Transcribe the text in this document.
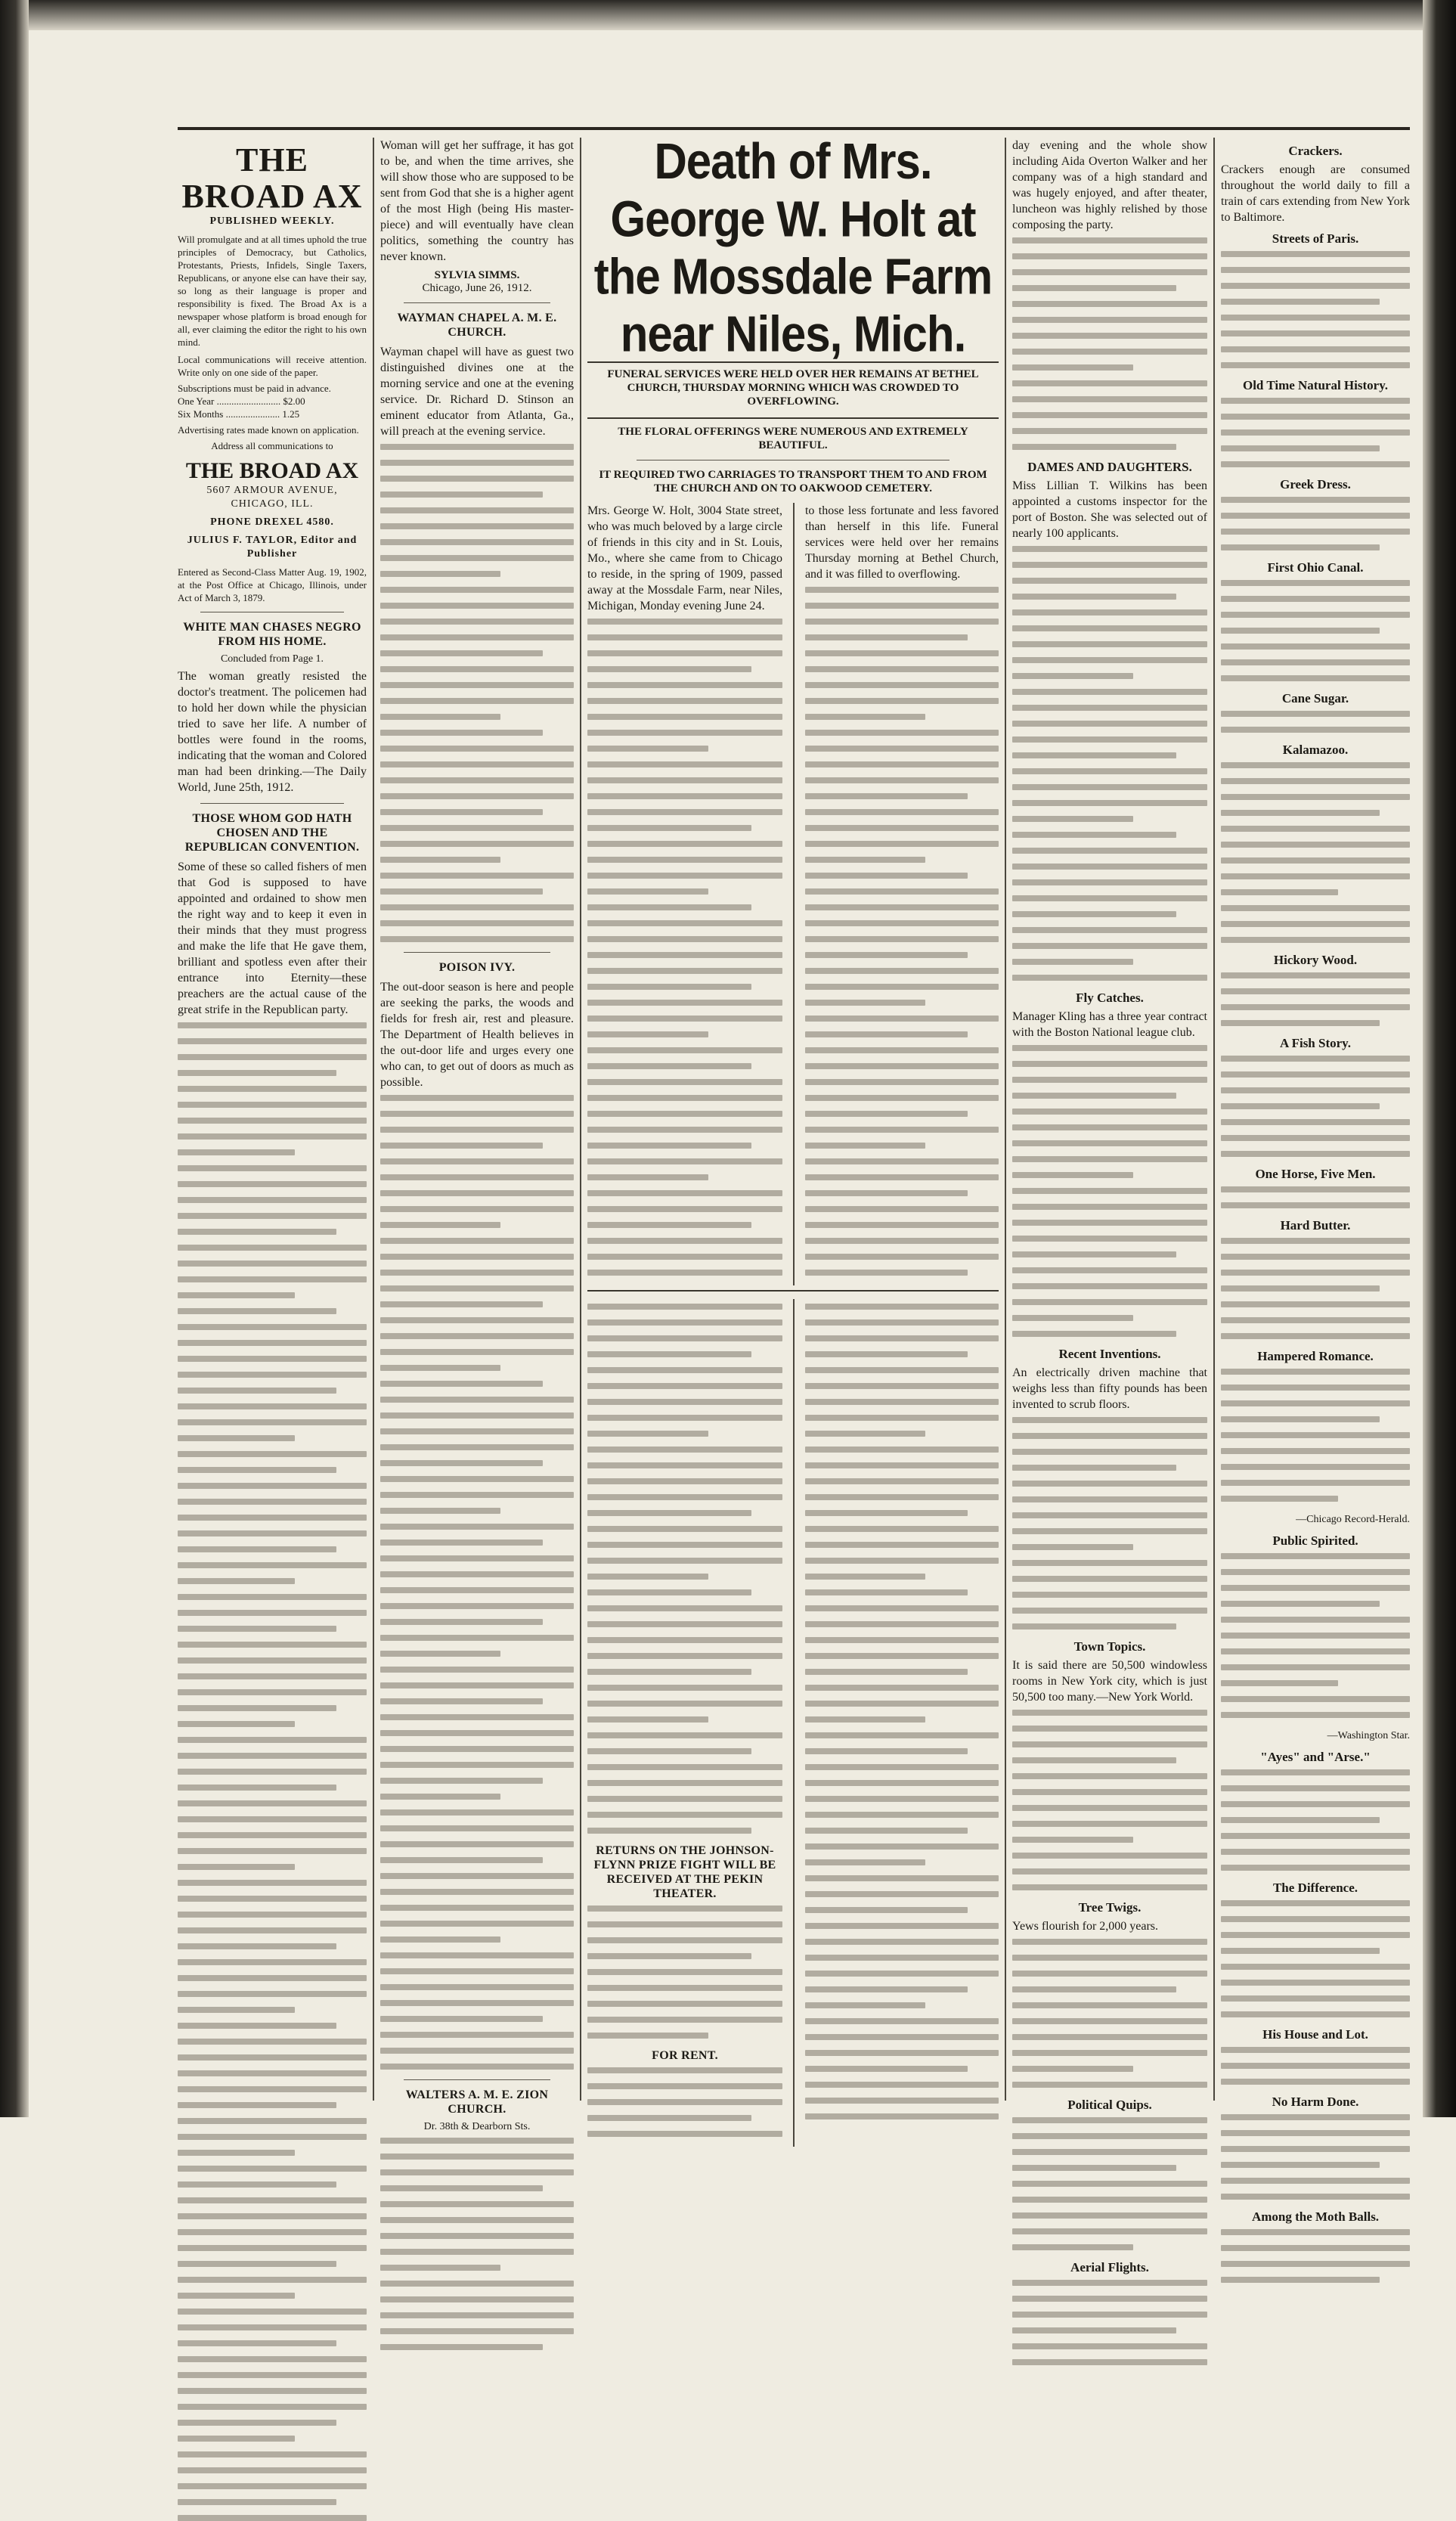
THE BROAD AX
PUBLISHED WEEKLY.
Will promulgate and at all times uphold the true principles of Democracy, but Catholics, Protestants, Priests, Infidels, Single Taxers, Republicans, or anyone else can have their say, so long as their language is proper and responsibility is fixed. The Broad Ax is a newspaper whose platform is broad enough for all, ever claiming the editor the right to his own mind.
Local communications will receive attention. Write only on one side of the paper.
Subscriptions must be paid in advance.
One Year .......................... $2.00
Six Months ...................... 1.25
Advertising rates made known on application.
Address all communications to
THE BROAD AX
5607 ARMOUR AVENUE, CHICAGO, ILL.
PHONE DREXEL 4580.
JULIUS F. TAYLOR, Editor and Publisher
Entered as Second-Class Matter Aug. 19, 1902, at the Post Office at Chicago, Illinois, under Act of March 3, 1879.
WHITE MAN CHASES NEGRO FROM HIS HOME.
Concluded from Page 1.
The woman greatly resisted the doctor's treatment. The policemen had to hold her down while the physician tried to save her life. A number of bottles were found in the rooms, indicating that the woman and Colored man had been drinking.—The Daily World, June 25th, 1912.
THOSE WHOM GOD HATH CHOSEN AND THE REPUBLICAN CONVENTION.
Some of these so called fishers of men that God is supposed to have appointed and ordained to show men the right way and to keep it even in their minds that they must progress and make the life that He gave them, brilliant and spotless even after their entrance into Eternity—these preachers are the actual cause of the great strife in the Republican party.
Woman will get her suffrage, it has got to be, and when the time arrives, she will show those who are supposed to be sent from God that she is a higher agent of the most High (being His master-piece) and will eventually have clean politics, something the country has never known.
SYLVIA SIMMS.
Chicago, June 26, 1912.
WAYMAN CHAPEL A. M. E. CHURCH.
Wayman chapel will have as guest two distinguished divines one at the morning service and one at the evening service. Dr. Richard D. Stinson an eminent educator from Atlanta, Ga., will preach at the evening service.
POISON IVY.
The out-door season is here and people are seeking the parks, the woods and fields for fresh air, rest and pleasure. The Department of Health believes in the out-door life and urges every one who can, to get out of doors as much as possible.
WALTERS A. M. E. ZION CHURCH.
Dr. 38th & Dearborn Sts.
Death of Mrs. George W. Holt at the Mossdale Farm near Niles, Mich.
FUNERAL SERVICES WERE HELD OVER HER REMAINS AT BETHEL CHURCH, THURSDAY MORNING WHICH WAS CROWDED TO OVERFLOWING.
THE FLORAL OFFERINGS WERE NUMEROUS AND EXTREMELY BEAUTIFUL.
IT REQUIRED TWO CARRIAGES TO TRANSPORT THEM TO AND FROM THE CHURCH AND ON TO OAKWOOD CEMETERY.
Mrs. George W. Holt, 3004 State street, who was much beloved by a large circle of friends in this city and in St. Louis, Mo., where she came from to Chicago to reside, in the spring of 1909, passed away at the Mossdale Farm, near Niles, Michigan, Monday evening June 24.
to those less fortunate and less favored than herself in this life. Funeral services were held over her remains Thursday morning at Bethel Church, and it was filled to overflowing.
RETURNS ON THE JOHNSON-FLYNN PRIZE FIGHT WILL BE RECEIVED AT THE PEKIN THEATER.
FOR RENT.
day evening and the whole show including Aida Overton Walker and her company was of a high standard and was hugely enjoyed, and after theater, luncheon was highly relished by those composing the party.
DAMES AND DAUGHTERS.
Miss Lillian T. Wilkins has been appointed a customs inspector for the port of Boston. She was selected out of nearly 100 applicants.
Fly Catches.
Manager Kling has a three year contract with the Boston National league club.
Recent Inventions.
An electrically driven machine that weighs less than fifty pounds has been invented to scrub floors.
Town Topics.
It is said there are 50,500 windowless rooms in New York city, which is just 50,500 too many.—New York World.
Tree Twigs.
Yews flourish for 2,000 years.
Political Quips.
Aerial Flights.
Crackers.
Crackers enough are consumed throughout the world daily to fill a train of cars extending from New York to Baltimore.
Streets of Paris.
Old Time Natural History.
Greek Dress.
First Ohio Canal.
Cane Sugar.
Kalamazoo.
Hickory Wood.
A Fish Story.
One Horse, Five Men.
Hard Butter.
Hampered Romance.
—Chicago Record-Herald.
Public Spirited.
—Washington Star.
"Ayes" and "Arse."
The Difference.
His House and Lot.
No Harm Done.
Among the Moth Balls.
